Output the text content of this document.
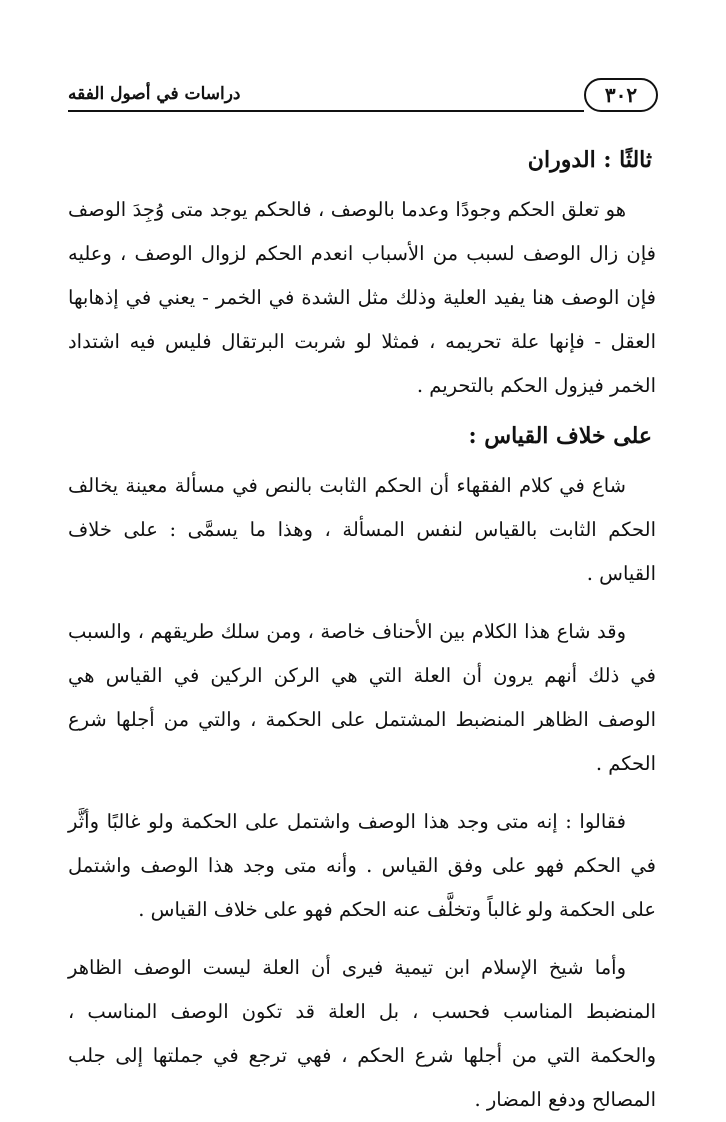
٣٠٢
دراسات في أصول الفقه
ثالثًا : الدوران

هو تعلق الحكم وجودًا وعدما بالوصف ، فالحكم يوجد متى وُجِدَ الوصف فإن زال الوصف لسبب من الأسباب انعدم الحكم لزوال الوصف ، وعليه فإن الوصف هنا يفيد العلية وذلك مثل الشدة في الخمر - يعني في إذهابها العقل - فإنها علة تحريمه ، فمثلا لو شربت البرتقال فليس فيه اشتداد الخمر فيزول الحكم بالتحريم .

على خلاف القياس :

شاع في كلام الفقهاء أن الحكم الثابت بالنص في مسألة معينة يخالف الحكم الثابت بالقياس لنفس المسألة ، وهذا ما يسمَّى : على خلاف القياس .

وقد شاع هذا الكلام بين الأحناف خاصة ، ومن سلك طريقهم ، والسبب في ذلك أنهم يرون أن العلة التي هي الركن الركين في القياس هي الوصف الظاهر المنضبط المشتمل على الحكمة ، والتي من أجلها شرع الحكم .

فقالوا : إنه متى وجد هذا الوصف واشتمل على الحكمة ولو غالبًا وأثَّر في الحكم فهو على وفق القياس . وأنه متى وجد هذا الوصف واشتمل على الحكمة ولو غالباً وتخلَّف عنه الحكم فهو على خلاف القياس .

وأما شيخ الإسلام ابن تيمية فيرى أن العلة ليست الوصف الظاهر المنضبط المناسب فحسب ، بل العلة قد تكون الوصف المناسب ، والحكمة التي من أجلها شرع الحكم ، فهي ترجع في جملتها إلى جلب المصالح ودفع المضار .
